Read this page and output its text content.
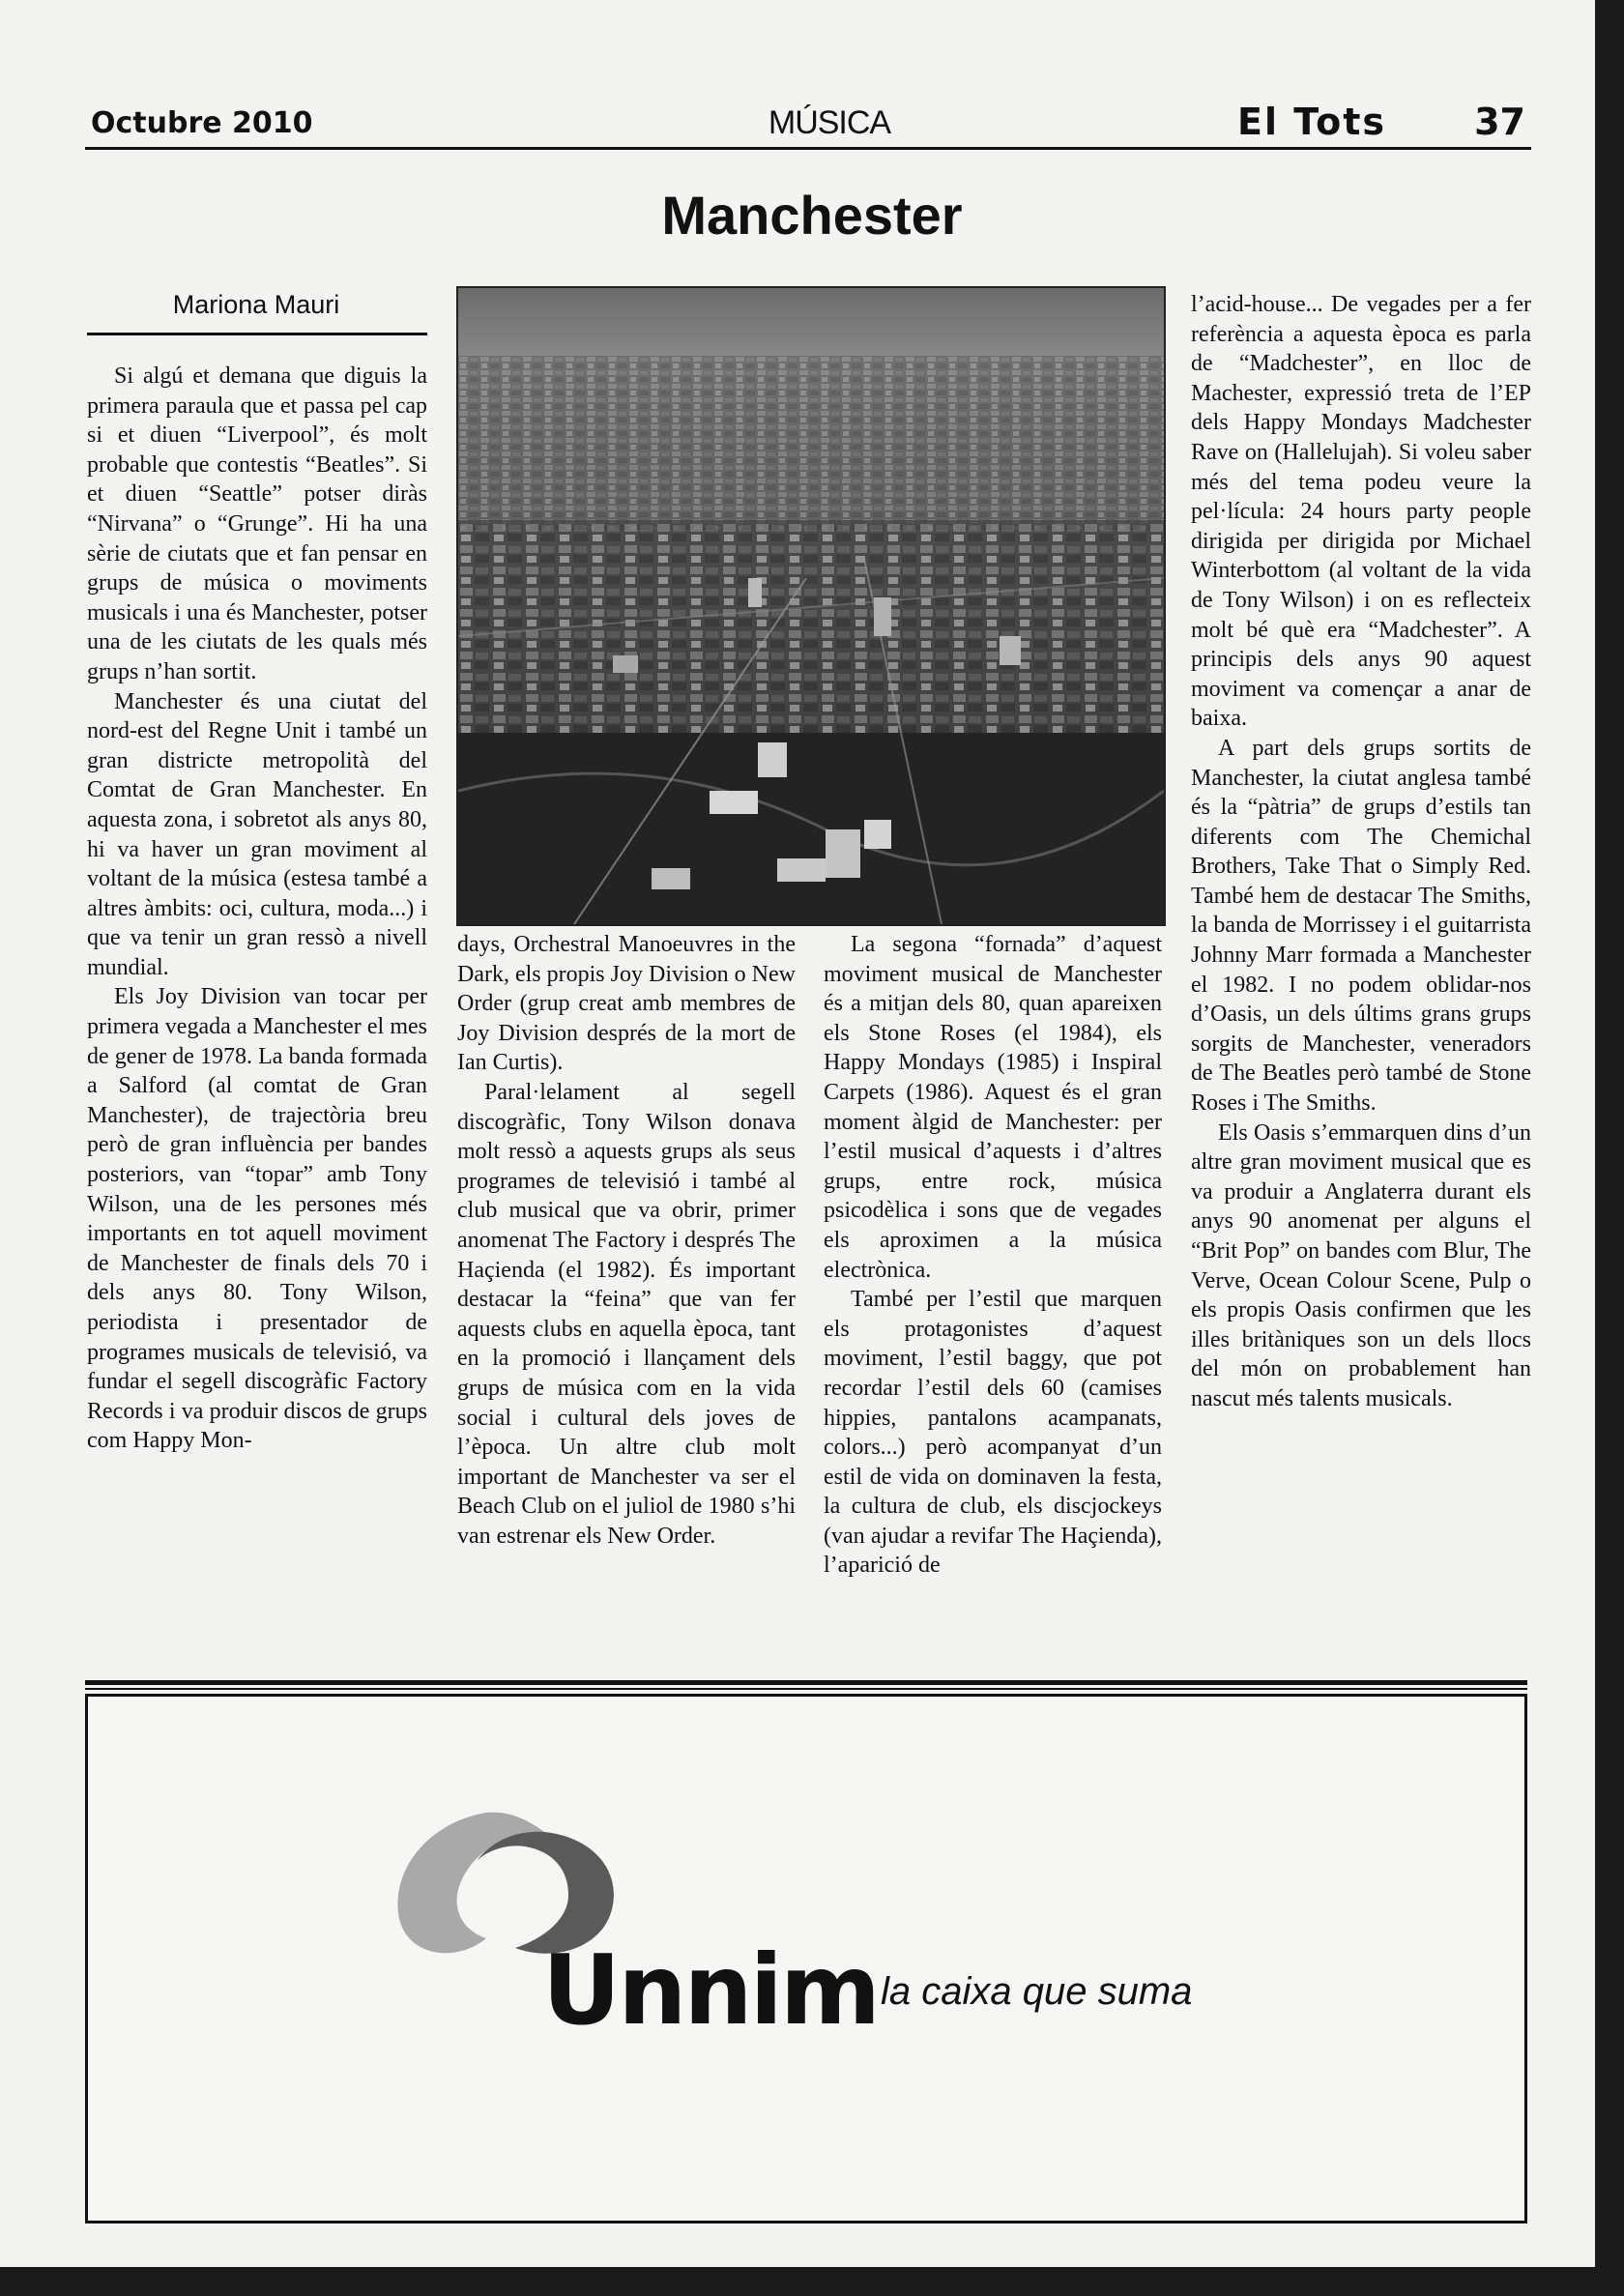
Octubre 2010	MÚSICA	El Tots 37
Manchester
Mariona Mauri

Si algú et demana que diguis la primera paraula que et passa pel cap si et diuen “Liverpool”, és molt probable que contestis “Beatles”. Si et diuen “Seattle” potser diràs “Nirvana” o “Grunge”. Hi ha una sèrie de ciutats que et fan pensar en grups de música o moviments musicals i una és Manchester, potser una de les ciutats de les quals més grups n’han sortit.

Manchester és una ciutat del nord-est del Regne Unit i també un gran districte metropolità del Comtat de Gran Manchester. En aquesta zona, i sobretot als anys 80, hi va haver un gran moviment al voltant de la música (estesa també a altres àmbits: oci, cultura, moda...) i que va tenir un gran ressò a nivell mundial.

Els Joy Division van tocar per primera vegada a Manchester el mes de gener de 1978. La banda formada a Salford (al comtat de Gran Manchester), de trajectòria breu però de gran influència per bandes posteriors, van “topar” amb Tony Wilson, una de les persones més importants en tot aquell moviment de Manchester de finals dels 70 i dels anys 80. Tony Wilson, periodista i presentador de programes musicals de televisió, va fundar el segell discogràfic Factory Records i va produir discos de grups com Happy Mon-

days, Orchestral Manoeuvres in the Dark, els propis Joy Division o New Order (grup creat amb membres de Joy Division després de la mort de Ian Curtis).

Paral·lelament al segell discogràfic, Tony Wilson donava molt ressò a aquests grups als seus programes de televisió i també al club musical que va obrir, primer anomenat The Factory i després The Haçienda (el 1982). És important destacar la “feina” que van fer aquests clubs en aquella època, tant en la promoció i llançament dels grups de música com en la vida social i cultural dels joves de l’època. Un altre club molt important de Manchester va ser el Beach Club on el juliol de 1980 s’hi van estrenar els New Order.

La segona “fornada” d’aquest moviment musical de Manchester és a mitjan dels 80, quan apareixen els Stone Roses (el 1984), els Happy Mondays (1985) i Inspiral Carpets (1986). Aquest és el gran moment àlgid de Manchester: per l’estil musical d’aquests i d’altres grups, entre rock, música psicodèlica i sons que de vegades els aproximen a la música electrònica.

També per l’estil que marquen els protagonistes d’aquest moviment, l’estil baggy, que pot recordar l’estil dels 60 (camises hippies, pantalons acampanats, colors...) però acompanyat d’un estil de vida on dominaven la festa, la cultura de club, els discjockeys (van ajudar a revifar The Haçienda), l’aparició de

l’acid-house... De vegades per a fer referència a aquesta època es parla de “Madchester”, en lloc de Machester, expressió treta de l’EP dels Happy Mondays Madchester Rave on (Hallelujah). Si voleu saber més del tema podeu veure la pel·lícula: 24 hours party people dirigida per dirigida por Michael Winterbottom (al voltant de la vida de Tony Wilson) i on es reflecteix molt bé què era “Madchester”. A principis dels anys 90 aquest moviment va començar a anar de baixa.

A part dels grups sortits de Manchester, la ciutat anglesa també és la “pàtria” de grups d’estils tan diferents com The Chemichal Brothers, Take That o Simply Red. També hem de destacar The Smiths, la banda de Morrissey i el guitarrista Johnny Marr formada a Manchester el 1982. I no podem oblidar-nos d’Oasis, un dels últims grans grups sorgits de Manchester, veneradors de The Beatles però també de Stone Roses i The Smiths.

Els Oasis s’emmarquen dins d’un altre gran moviment musical que es va produir a Anglaterra durant els anys 90 anomenat per alguns el “Brit Pop” on bandes com Blur, The Verve, Ocean Colour Scene, Pulp o els propis Oasis confirmen que les illes britàniques son un dels llocs del món on probablement han nascut més talents musicals.

Unnim la caixa que suma
